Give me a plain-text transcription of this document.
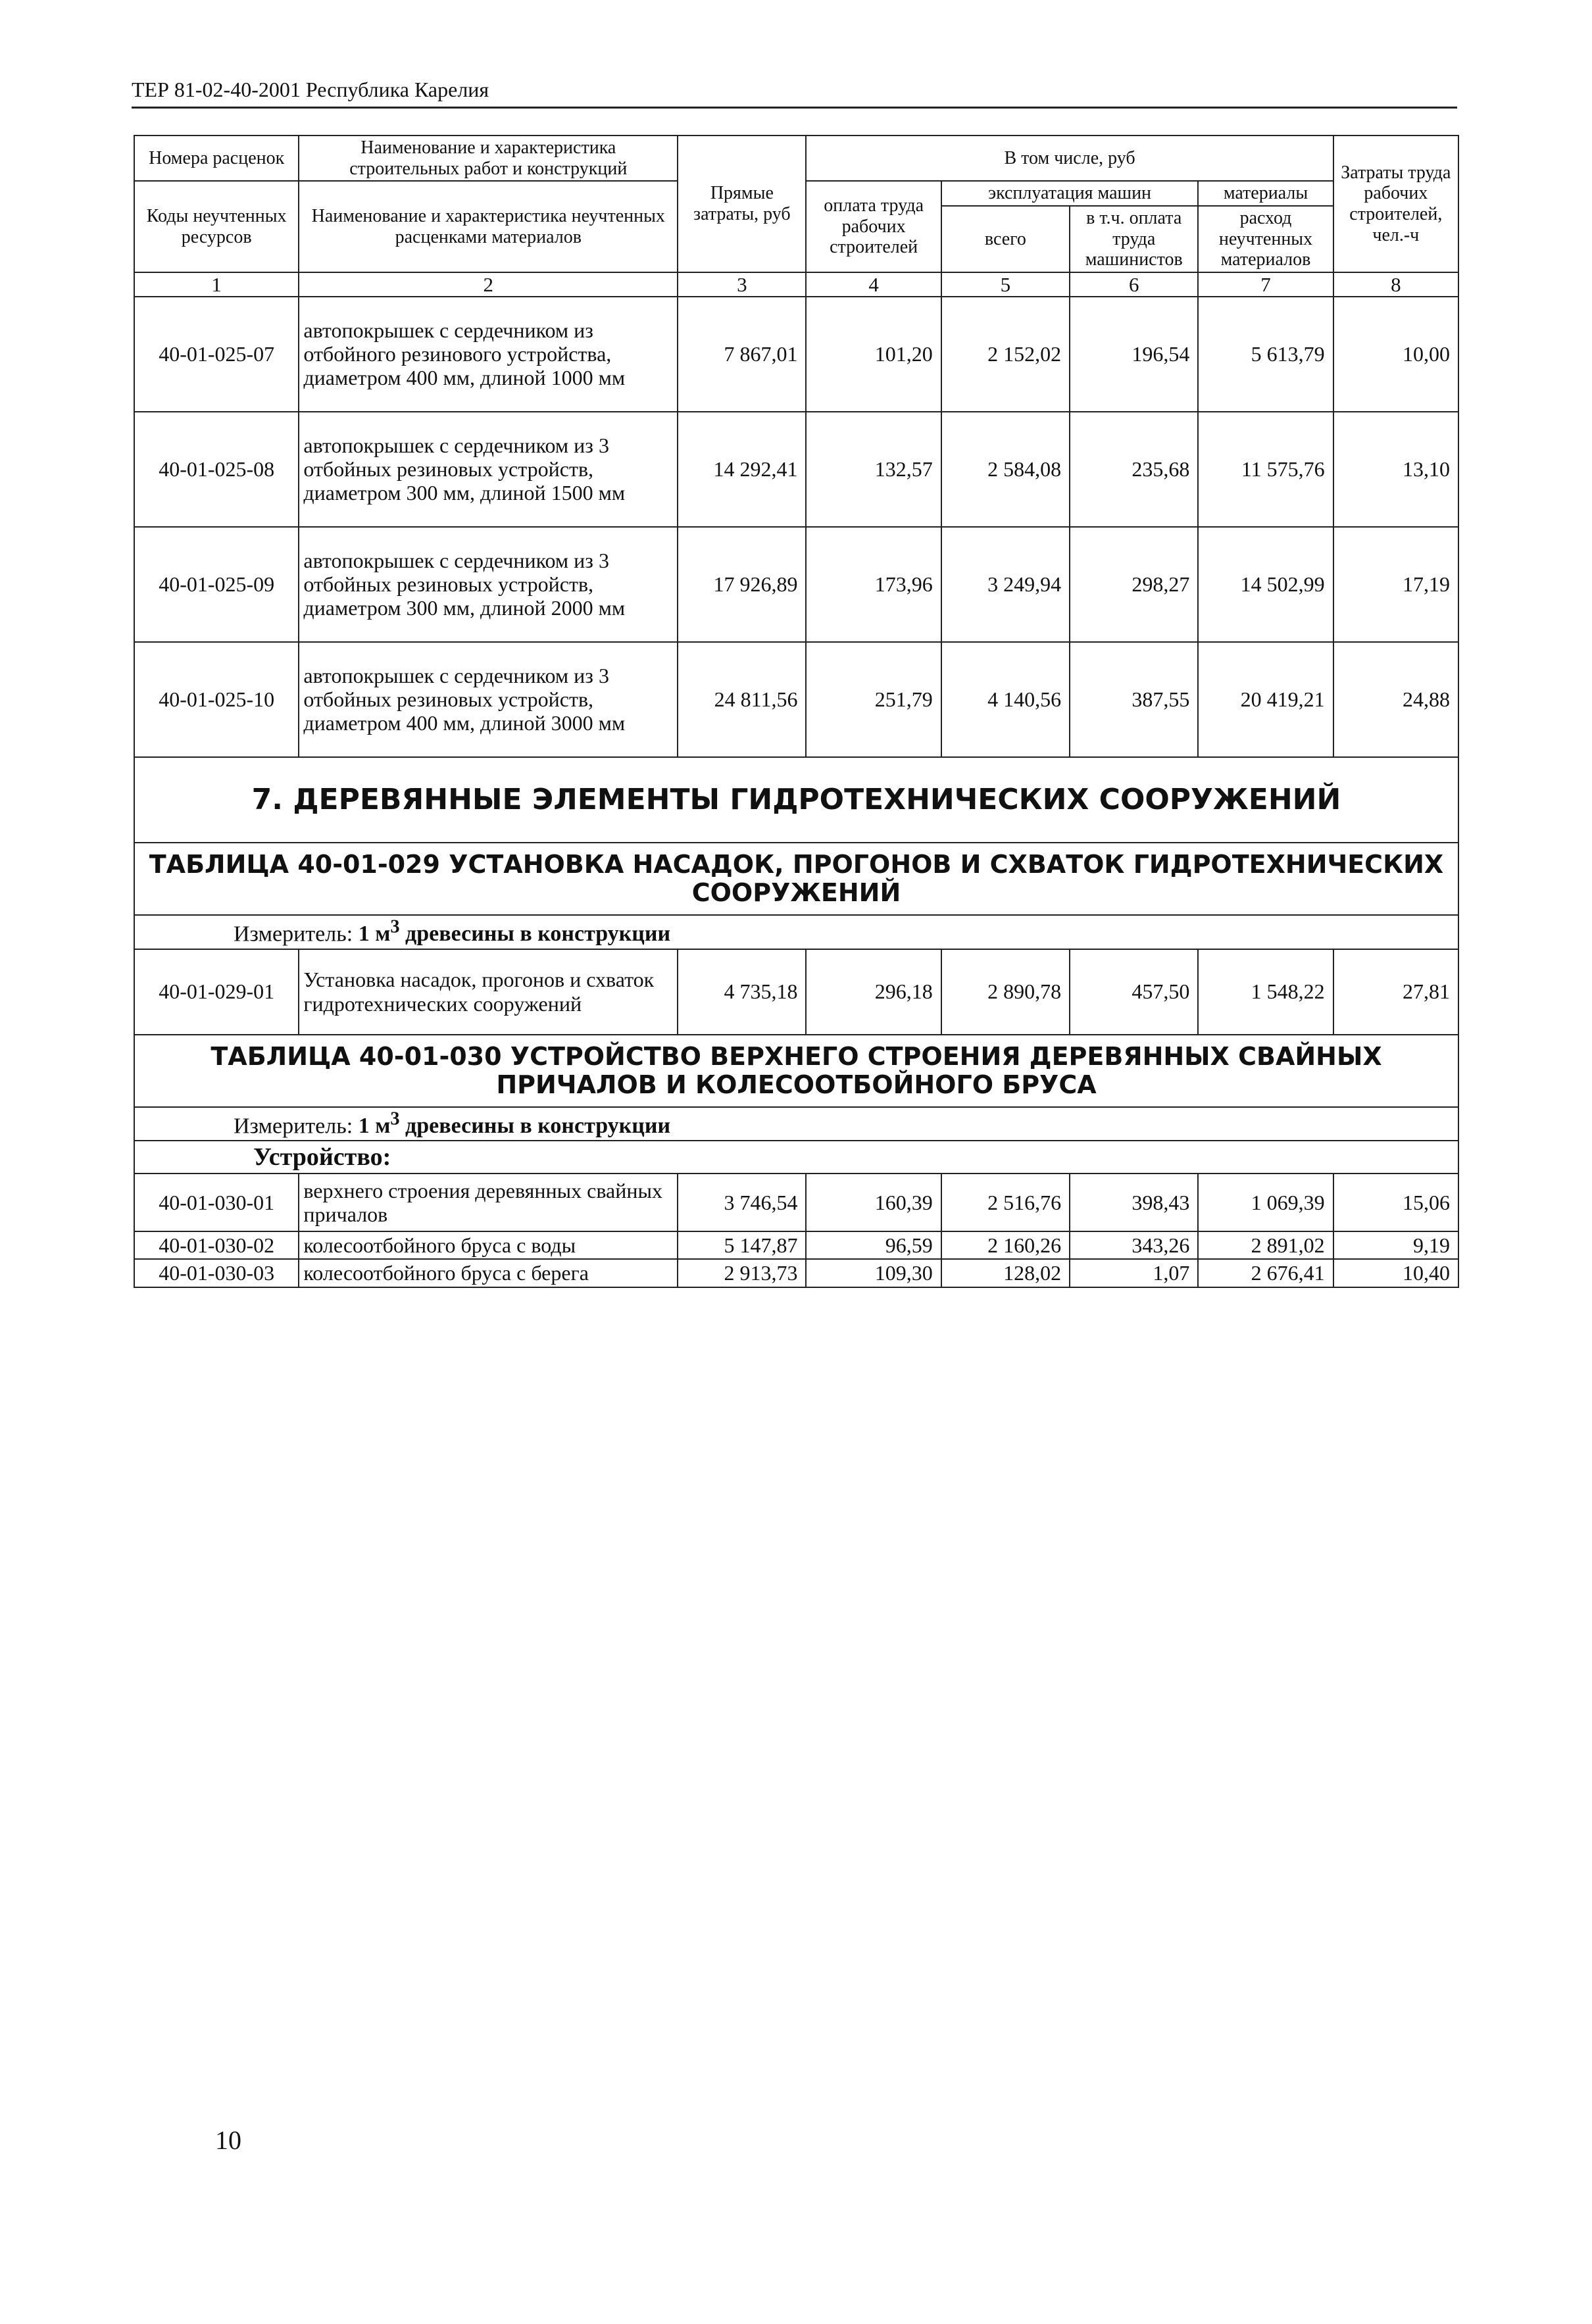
ТЕР 81-02-40-2001 Республика Карелия
Номера расценок	Наименование и характеристика строительных работ и конструкций	Прямые затраты, руб	В том числе, руб				Затраты труда рабочих строителей, чел.-ч
Коды неучтенных ресурсов	Наименование и характеристика неучтенных расценками материалов		оплата труда рабочих строителей	эксплуатация машин		материалы	
				всего	в т.ч. оплата труда машинистов	расход неучтенных материалов	

1	2	3	4	5	6	7	8
40-01-025-07	автопокрышек с сердечником из отбойного резинового устройства, диаметром 400 мм, длиной 1000 мм	7 867,01	101,20	2 152,02	196,54	5 613,79	10,00
40-01-025-08	автопокрышек с сердечником из 3 отбойных резиновых устройств, диаметром 300 мм, длиной 1500 мм	14 292,41	132,57	2 584,08	235,68	11 575,76	13,10
40-01-025-09	автопокрышек с сердечником из 3 отбойных резиновых устройств, диаметром 300 мм, длиной 2000 мм	17 926,89	173,96	3 249,94	298,27	14 502,99	17,19
40-01-025-10	автопокрышек с сердечником из 3 отбойных резиновых устройств, диаметром 400 мм, длиной 3000 мм	24 811,56	251,79	4 140,56	387,55	20 419,21	24,88
7. ДЕРЕВЯННЫЕ ЭЛЕМЕНТЫ ГИДРОТЕХНИЧЕСКИХ СООРУЖЕНИЙ							
ТАБЛИЦА 40-01-029 УСТАНОВКА НАСАДОК, ПРОГОНОВ И СХВАТОК ГИДРОТЕХНИЧЕСКИХ СООРУЖЕНИЙ							
Измеритель: 1 $м^3$ древесины в конструкции							
40-01-029-01	Установка насадок, прогонов и схваток гидротехнических сооружений	4 735,18	296,18	2 890,78	457,50	1 548,22	27,81
ТАБЛИЦА 40-01-030 УСТРОЙСТВО ВЕРХНЕГО СТРОЕНИЯ ДЕРЕВЯННЫХ СВАЙНЫХ ПРИЧАЛОВ И КОЛЕСООТБОЙНОГО БРУСА							
Измеритель: 1 $м^3$ древесины в конструкции							
Устройство:							
40-01-030-01	верхнего строения деревянных свайных причалов	3 746,54	160,39	2 516,76	398,43	1 069,39	15,06
40-01-030-02	колесоотбойного бруса с воды	5 147,87	96,59	2 160,26	343,26	2 891,02	9,19
40-01-030-03	колесоотбойного бруса с берега	2 913,73	109,30	128,02	1,07	2 676,41	10,40
10
